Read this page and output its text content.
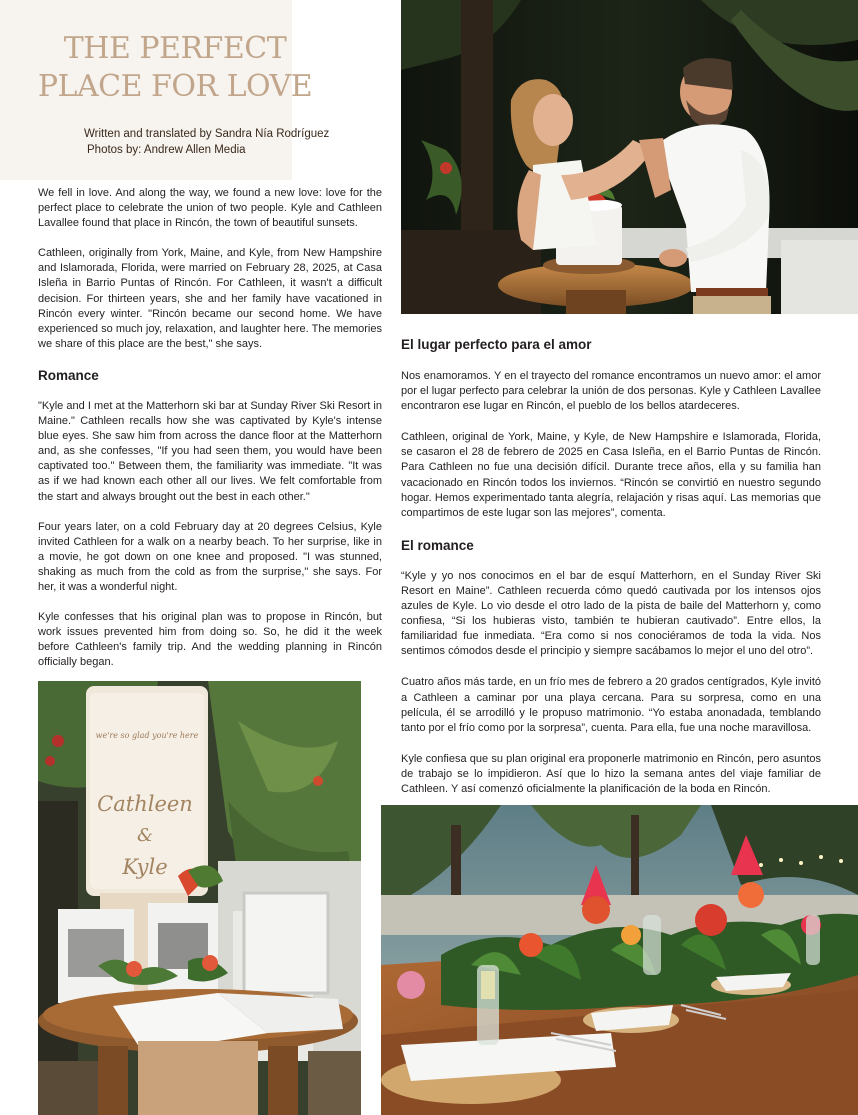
THE PERFECT
PLACE FOR LOVE
Written and translated by Sandra Nía Rodríguez
Photos by: Andrew Allen Media

We fell in love. And along the way, we found a new love: love for the perfect place to celebrate the union of two people. Kyle and Cathleen Lavallee found that place in Rincón, the town of beautiful sunsets.

Cathleen, originally from York, Maine, and Kyle, from New Hampshire and Islamorada, Florida, were married on February 28, 2025, at Casa Isleña in Barrio Puntas of Rincón. For Cathleen, it wasn't a difficult decision. For thirteen years, she and her family have vacationed in Rincón every winter. "Rincón became our second home. We have experienced so much joy, relaxation, and laughter here. The memories we share of this place are the best," she says.

Romance

"Kyle and I met at the Matterhorn ski bar at Sunday River Ski Resort in Maine." Cathleen recalls how she was captivated by Kyle's intense blue eyes. She saw him from across the dance floor at the Matterhorn and, as she confesses, "If you had seen them, you would have been captivated too." Between them, the familiarity was immediate. "It was as if we had known each other all our lives. We felt comfortable from the start and always brought out the best in each other."

Four years later, on a cold February day at 20 degrees Celsius, Kyle invited Cathleen for a walk on a nearby beach. To her surprise, like in a movie, he got down on one knee and proposed. "I was stunned, shaking as much from the cold as from the surprise," she says. For her, it was a wonderful night.

Kyle confesses that his original plan was to propose in Rincón, but work issues prevented him from doing so. So, he did it the week before Cathleen's family trip. And the wedding planning in Rincón officially began.

El lugar perfecto para el amor

Nos enamoramos. Y en el trayecto del romance encontramos un nuevo amor: el amor por el lugar perfecto para celebrar la unión de dos personas. Kyle y Cathleen Lavallee encontraron ese lugar en Rincón, el pueblo de los bellos atardeceres.

Cathleen, original de York, Maine, y Kyle, de New Hampshire e Islamorada, Florida, se casaron el 28 de febrero de 2025 en Casa Isleña, en el Barrio Puntas de Rincón. Para Cathleen no fue una decisión difícil. Durante trece años, ella y su familia han vacacionado en Rincón todos los inviernos. “Rincón se convirtió en nuestro segundo hogar. Hemos experimentado tanta alegría, relajación y risas aquí. Las memorias que compartimos de este lugar son las mejores”, comenta.

El romance

“Kyle y yo nos conocimos en el bar de esquí Matterhorn, en el Sunday River Ski Resort en Maine”. Cathleen recuerda cómo quedó cautivada por los intensos ojos azules de Kyle. Lo vio desde el otro lado de la pista de baile del Matterhorn y, como confiesa, “Si los hubieras visto, también te hubieran cautivado”. Entre ellos, la familiaridad fue inmediata. “Era como si nos conociéramos de toda la vida. Nos sentimos cómodos desde el principio y siempre sacábamos lo mejor el uno del otro”.

Cuatro años más tarde, en un frío mes de febrero a 20 grados centígrados, Kyle invitó a Cathleen a caminar por una playa cercana. Para su sorpresa, como en una película, él se arrodilló y le propuso matrimonio. “Yo estaba anonadada, temblando tanto por el frío como por la sorpresa”, cuenta. Para ella, fue una noche maravillosa.

Kyle confiesa que su plan original era proponerle matrimonio en Rincón, pero asuntos de trabajo se lo impidieron. Así que lo hizo la semana antes del viaje familiar de Cathleen. Y así comenzó oficialmente la planificación de la boda en Rincón.

we're so glad you're here
Cathleen
&
Kyle
